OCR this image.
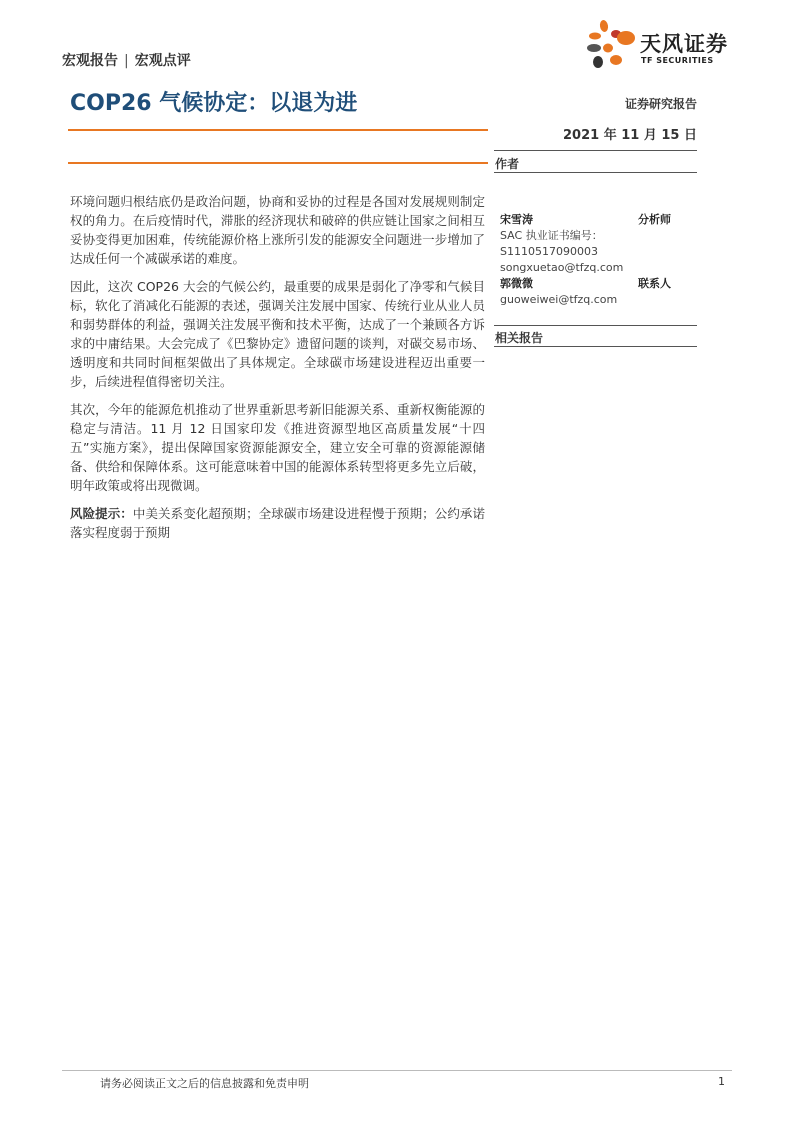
宏观报告 | 宏观点评
天风证券
TF SECURITIES
COP26 气候协定：以退为进	证券研究报告
2021 年 11 月 15 日
作者
宋雪涛	分析师
SAC 执业证书编号：
S1110517090003
songxuetao@tfzq.com
郭微微	联系人
guoweiwei@tfzq.com
相关报告

环境问题归根结底仍是政治问题，协商和妥协的过程是各国对发展规则制定权的角力。在后疫情时代，滞胀的经济现状和破碎的供应链让国家之间相互妥协变得更加困难，传统能源价格上涨所引发的能源安全问题进一步增加了达成任何一个减碳承诺的难度。

因此，这次 COP26 大会的气候公约，最重要的成果是弱化了净零和气候目标，软化了消减化石能源的表述，强调关注发展中国家、传统行业从业人员和弱势群体的利益，强调关注发展平衡和技术平衡，达成了一个兼顾各方诉求的中庸结果。大会完成了《巴黎协定》遗留问题的谈判，对碳交易市场、透明度和共同时间框架做出了具体规定。全球碳市场建设进程迈出重要一步，后续进程值得密切关注。

其次，今年的能源危机推动了世界重新思考新旧能源关系、重新权衡能源的稳定与清洁。11 月 12 日国家印发《推进资源型地区高质量发展“十四五”实施方案》，提出保障国家资源能源安全，建立安全可靠的资源能源储备、供给和保障体系。这可能意味着中国的能源体系转型将更多先立后破，明年政策或将出现微调。

风险提示：中美关系变化超预期；全球碳市场建设进程慢于预期；公约承诺落实程度弱于预期

请务必阅读正文之后的信息披露和免责申明	1
